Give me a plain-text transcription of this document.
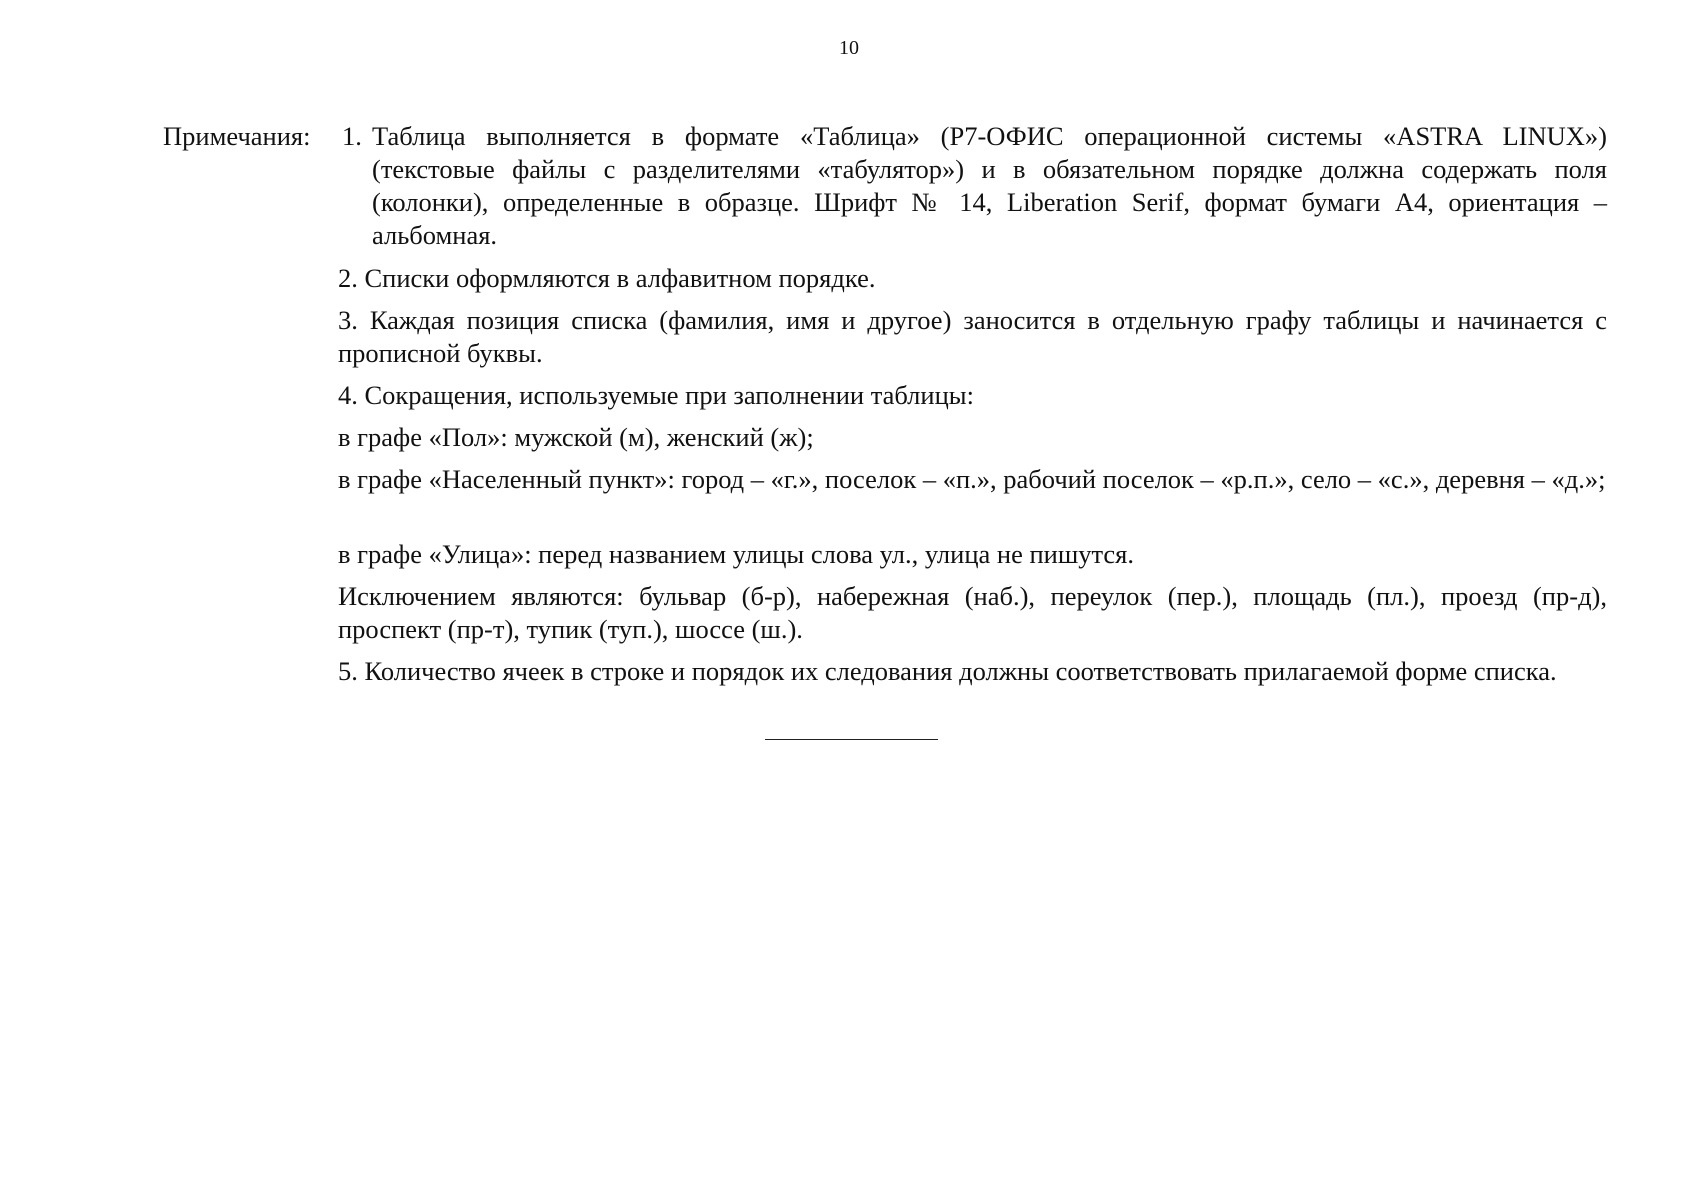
10
Примечания: 1. Таблица выполняется в формате «Таблица» (Р7-ОФИС операционной системы «ASTRA LINUX») (текстовые файлы с разделителями «табулятор») и в обязательном порядке должна содержать поля (колонки), определенные в образце. Шрифт № 14, Liberation Serif, формат бумаги А4, ориентация – альбомная.

2. Списки оформляются в алфавитном порядке.

3. Каждая позиция списка (фамилия, имя и другое) заносится в отдельную графу таблицы и начинается с прописной буквы.

4. Сокращения, используемые при заполнении таблицы:

в графе «Пол»: мужской (м), женский (ж);

в графе «Населенный пункт»: город – «г.», поселок – «п.», рабочий поселок – «р.п.», село – «с.», деревня – «д.»;

в графе «Улица»: перед названием улицы слова ул., улица не пишутся.

Исключением являются: бульвар (б-р), набережная (наб.), переулок (пер.), площадь (пл.), проезд (пр-д), проспект (пр-т), тупик (туп.), шоссе (ш.).

5. Количество ячеек в строке и порядок их следования должны соответствовать прилагаемой форме списка.
